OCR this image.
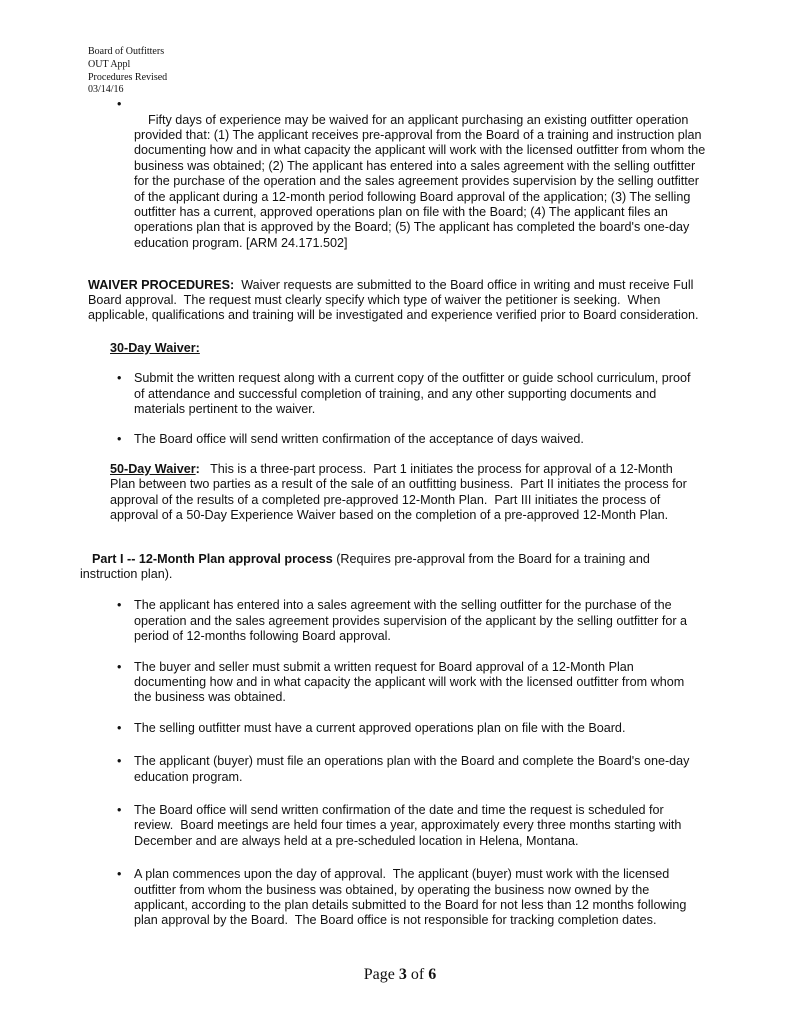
Board of Outfitters
OUT Appl
Procedures Revised
03/14/16

•
Fifty days of experience may be waived for an applicant purchasing an existing outfitter operation
provided that: (1) The applicant receives pre-approval from the Board of a training and instruction plan
documenting how and in what capacity the applicant will work with the licensed outfitter from whom the
business was obtained; (2) The applicant has entered into a sales agreement with the selling outfitter
for the purchase of the operation and the sales agreement provides supervision by the selling outfitter
of the applicant during a 12-month period following Board approval of the application; (3) The selling
outfitter has a current, approved operations plan on file with the Board; (4) The applicant files an
operations plan that is approved by the Board; (5) The applicant has completed the board's one-day
education program. [ARM 24.171.502]

WAIVER PROCEDURES:  Waiver requests are submitted to the Board office in writing and must receive Full
Board approval.  The request must clearly specify which type of waiver the petitioner is seeking.  When
applicable, qualifications and training will be investigated and experience verified prior to Board consideration.
30-Day Waiver:
• Submit the written request along with a current copy of the outfitter or guide school curriculum, proof
of attendance and successful completion of training, and any other supporting documents and
materials pertinent to the waiver.
• The Board office will send written confirmation of the acceptance of days waived.
50-Day Waiver:   This is a three-part process.  Part 1 initiates the process for approval of a 12-Month
Plan between two parties as a result of the sale of an outfitting business.  Part II initiates the process for
approval of the results of a completed pre-approved 12-Month Plan.  Part III initiates the process of
approval of a 50-Day Experience Waiver based on the completion of a pre-approved 12-Month Plan.
Part I -- 12-Month Plan approval process (Requires pre-approval from the Board for a training and
instruction plan).
• The applicant has entered into a sales agreement with the selling outfitter for the purchase of the
operation and the sales agreement provides supervision of the applicant by the selling outfitter for a
period of 12-months following Board approval.
• The buyer and seller must submit a written request for Board approval of a 12-Month Plan
documenting how and in what capacity the applicant will work with the licensed outfitter from whom
the business was obtained.
• The selling outfitter must have a current approved operations plan on file with the Board.
• The applicant (buyer) must file an operations plan with the Board and complete the Board's one-day
education program.
• The Board office will send written confirmation of the date and time the request is scheduled for
review.  Board meetings are held four times a year, approximately every three months starting with
December and are always held at a pre-scheduled location in Helena, Montana.
• A plan commences upon the day of approval.  The applicant (buyer) must work with the licensed
outfitter from whom the business was obtained, by operating the business now owned by the
applicant, according to the plan details submitted to the Board for not less than 12 months following
plan approval by the Board.  The Board office is not responsible for tracking completion dates.
Page 3 of 6
